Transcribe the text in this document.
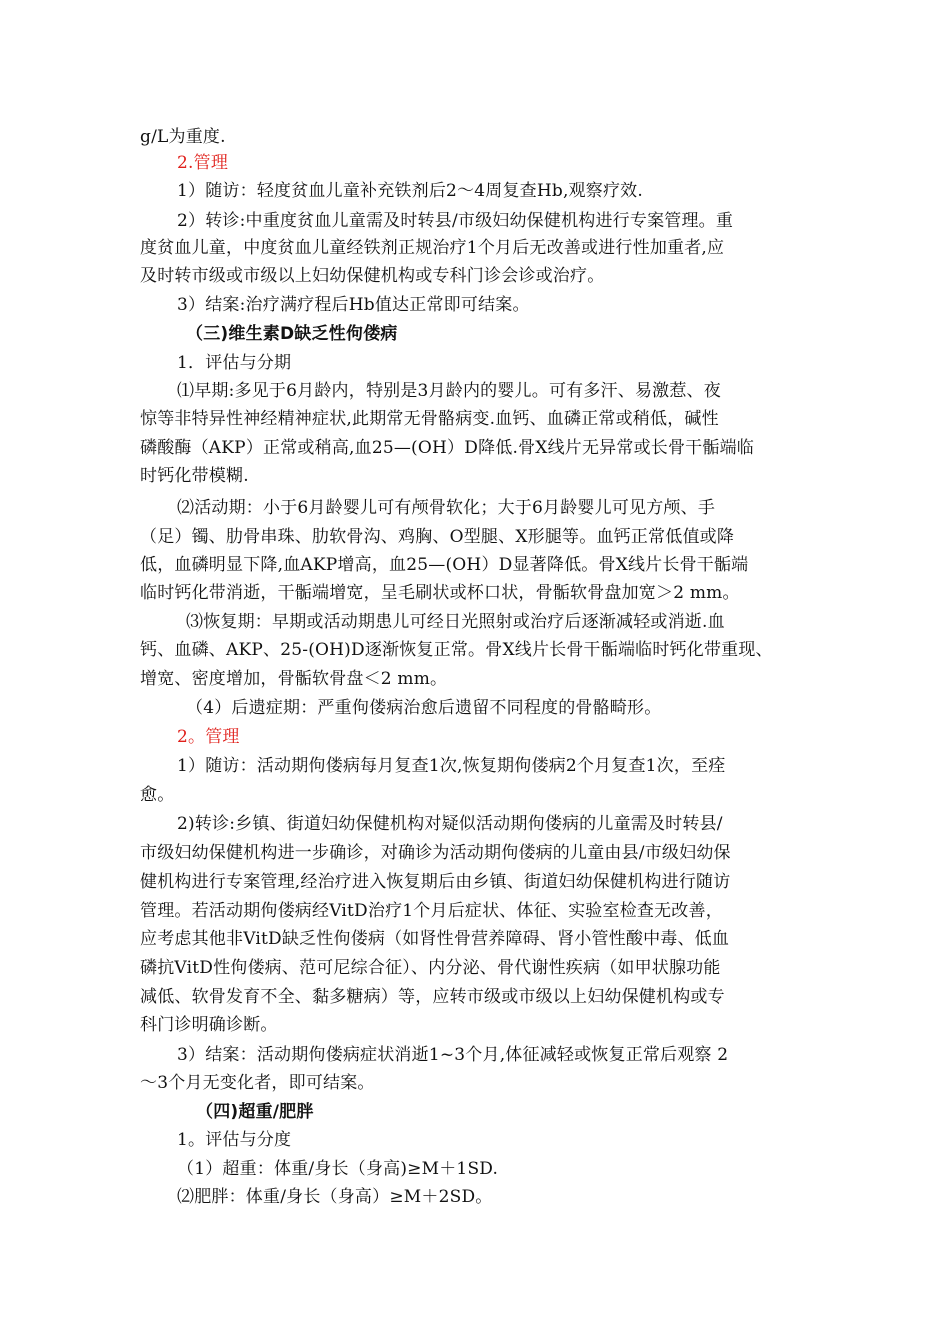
g/L为重度.
2.管理
1）随访：轻度贫血儿童补充铁剂后2～4周复查Hb,观察疗效.
2）转诊:中重度贫血儿童需及时转县/市级妇幼保健机构进行专案管理。重
度贫血儿童，中度贫血儿童经铁剂正规治疗1个月后无改善或进行性加重者,应
及时转市级或市级以上妇幼保健机构或专科门诊会诊或治疗。
3）结案:治疗满疗程后Hb值达正常即可结案。
（三)维生素D缺乏性佝偻病
1．评估与分期
⑴早期:多见于6月龄内，特别是3月龄内的婴儿。可有多汗、易激惹、夜
惊等非特异性神经精神症状,此期常无骨骼病变.血钙、血磷正常或稍低，碱性
磷酸酶（AKP）正常或稍高,血25—(OH）D降低.骨X线片无异常或长骨干骺端临
时钙化带模糊.
⑵活动期：小于6月龄婴儿可有颅骨软化；大于6月龄婴儿可见方颅、手
（足）镯、肋骨串珠、肋软骨沟、鸡胸、O型腿、X形腿等。血钙正常低值或降
低，血磷明显下降,血AKP增高，血25—(OH）D显著降低。骨X线片长骨干骺端
临时钙化带消逝，干骺端增宽，呈毛刷状或杯口状，骨骺软骨盘加宽＞2 mm。
⑶恢复期：早期或活动期患儿可经日光照射或治疗后逐渐减轻或消逝.血
钙、血磷、AKP、25-(OH)D逐渐恢复正常。骨X线片长骨干骺端临时钙化带重现、
增宽、密度增加，骨骺软骨盘＜2 mm。
（4）后遗症期：严重佝偻病治愈后遗留不同程度的骨骼畸形。
2。管理
1）随访：活动期佝偻病每月复查1次,恢复期佝偻病2个月复查1次，至痊
愈。
2)转诊:乡镇、街道妇幼保健机构对疑似活动期佝偻病的儿童需及时转县/
市级妇幼保健机构进一步确诊，对确诊为活动期佝偻病的儿童由县/市级妇幼保
健机构进行专案管理,经治疗进入恢复期后由乡镇、街道妇幼保健机构进行随访
管理。若活动期佝偻病经VitD治疗1个月后症状、体征、实验室检查无改善，
应考虑其他非VitD缺乏性佝偻病（如肾性骨营养障碍、肾小管性酸中毒、低血
磷抗VitD性佝偻病、范可尼综合征）、内分泌、骨代谢性疾病（如甲状腺功能
减低、软骨发育不全、黏多糖病）等，应转市级或市级以上妇幼保健机构或专
科门诊明确诊断。
3）结案：活动期佝偻病症状消逝1~3个月,体征减轻或恢复正常后观察 2
～3个月无变化者，即可结案。
（四)超重/肥胖
1。评估与分度
（1）超重：体重/身长（身高)≥M＋1SD.
⑵肥胖：体重/身长（身高）≥M＋2SD。
